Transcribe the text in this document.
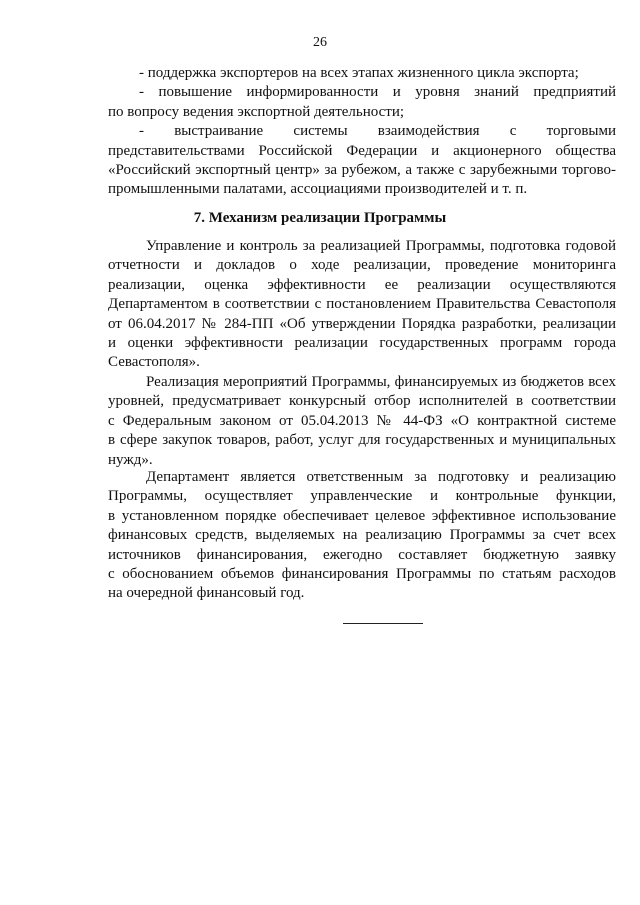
26
- поддержка экспортеров на всех этапах жизненного цикла экспорта;
- повышение информированности и уровня знаний предприятий
по вопросу ведения экспортной деятельности;
- выстраивание системы взаимодействия с торговыми
представительствами Российской Федерации и акционерного общества
«Российский экспортный центр» за рубежом, а также с зарубежными торгово-
промышленными палатами, ассоциациями производителей и т. п.
7. Механизм реализации Программы
Управление и контроль за реализацией Программы, подготовка годовой
отчетности и докладов о ходе реализации, проведение мониторинга
реализации, оценка эффективности ее реализации осуществляются
Департаментом в соответствии с постановлением Правительства Севастополя
от 06.04.2017 № 284-ПП «Об утверждении Порядка разработки, реализации
и оценки эффективности реализации государственных программ города
Севастополя».
Реализация мероприятий Программы, финансируемых из бюджетов всех
уровней, предусматривает конкурсный отбор исполнителей в соответствии
с Федеральным законом от 05.04.2013 № 44-ФЗ «О контрактной системе
в сфере закупок товаров, работ, услуг для государственных и муниципальных
нужд».
Департамент является ответственным за подготовку и реализацию
Программы, осуществляет управленческие и контрольные функции,
в установленном порядке обеспечивает целевое эффективное использование
финансовых средств, выделяемых на реализацию Программы за счет всех
источников финансирования, ежегодно составляет бюджетную заявку
с обоснованием объемов финансирования Программы по статьям расходов
на очередной финансовый год.
